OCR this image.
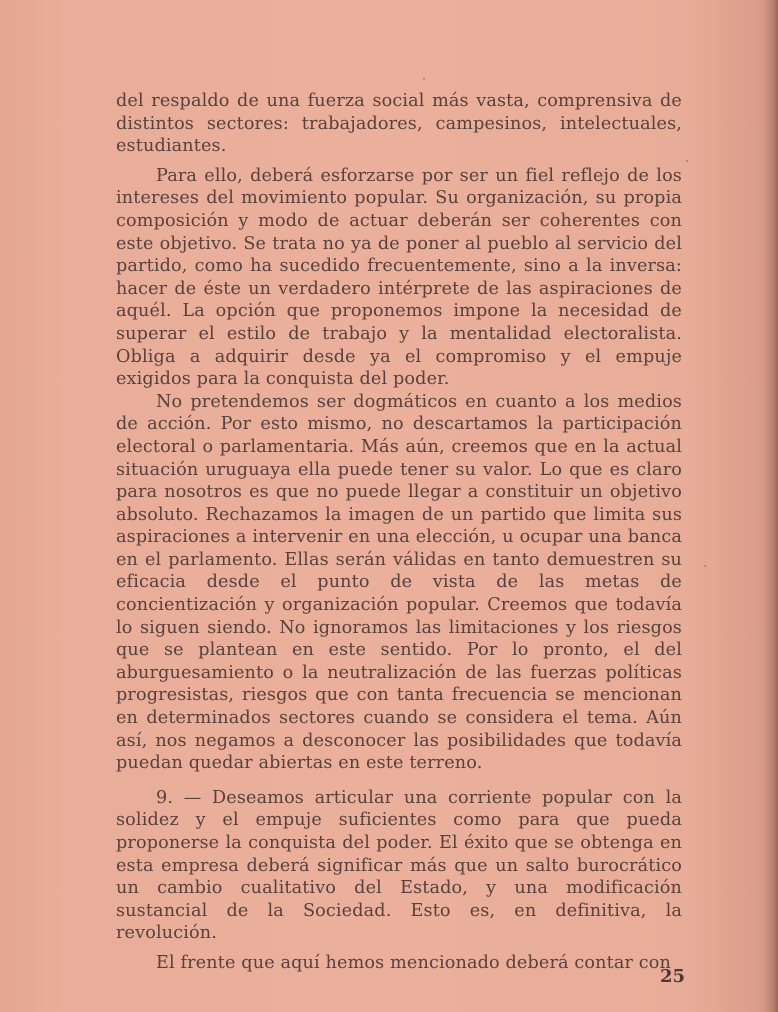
del respaldo de una fuerza social más vasta, comprensiva de distintos sectores: trabajadores, campesinos, intelectuales, estudiantes.

Para ello, deberá esforzarse por ser un fiel reflejo de los intereses del movimiento popular. Su organización, su propia composición y modo de actuar deberán ser coherentes con este objetivo. Se trata no ya de poner al pueblo al servicio del partido, como ha sucedido frecuentemente, sino a la inversa: hacer de éste un verdadero intérprete de las aspiraciones de aquél. La opción que proponemos impone la necesidad de superar el estilo de trabajo y la mentalidad electoralista. Obliga a adquirir desde ya el compromiso y el empuje exigidos para la conquista del poder.

No pretendemos ser dogmáticos en cuanto a los medios de acción. Por esto mismo, no descartamos la participación electoral o parlamentaria. Más aún, creemos que en la actual situación uruguaya ella puede tener su valor. Lo que es claro para nosotros es que no puede llegar a constituir un objetivo absoluto. Rechazamos la imagen de un partido que limita sus aspiraciones a intervenir en una elección, u ocupar una banca en el parlamento. Ellas serán válidas en tanto demuestren su eficacia desde el punto de vista de las metas de concientización y organización popular. Creemos que todavía lo siguen siendo. No ignoramos las limitaciones y los riesgos que se plantean en este sentido. Por lo pronto, el del aburguesamiento o la neutralización de las fuerzas políticas progresistas, riesgos que con tanta frecuencia se mencionan en determinados sectores cuando se considera el tema. Aún así, nos negamos a desconocer las posibilidades que todavía puedan quedar abiertas en este terreno.

9. — Deseamos articular una corriente popular con la solidez y el empuje suficientes como para que pueda proponerse la conquista del poder. El éxito que se obtenga en esta empresa deberá significar más que un salto burocrático un cambio cualitativo del Estado, y una modificación sustancial de la Sociedad. Esto es, en definitiva, la revolución.

El frente que aquí hemos mencionado deberá contar con

25
